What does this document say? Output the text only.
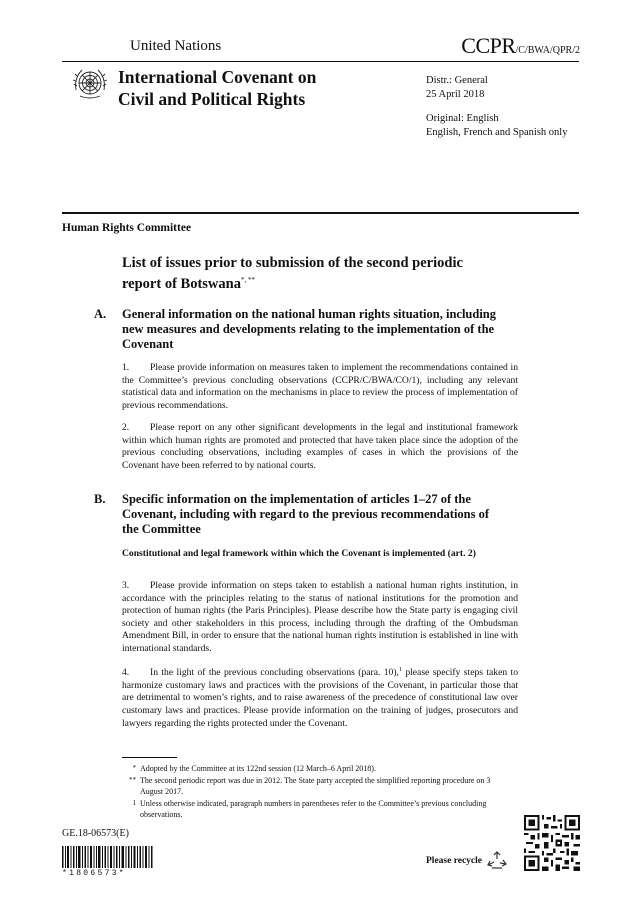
United Nations	CCPR/C/BWA/QPR/2
International Covenant on
Civil and Political Rights
Distr.: General
25 April 2018
Original: English
English, French and Spanish only
Human Rights Committee
List of issues prior to submission of the second periodic
report of Botswana*, **
A. General information on the national human rights situation, including new measures and developments relating to the implementation of the Covenant
1. Please provide information on measures taken to implement the recommendations contained in the Committee’s previous concluding observations (CCPR/C/BWA/CO/1), including any relevant statistical data and information on the mechanisms in place to review the process of implementation of previous recommendations.
2. Please report on any other significant developments in the legal and institutional framework within which human rights are promoted and protected that have taken place since the adoption of the previous concluding observations, including examples of cases in which the provisions of the Covenant have been referred to by national courts.
B. Specific information on the implementation of articles 1–27 of the Covenant, including with regard to the previous recommendations of the Committee
Constitutional and legal framework within which the Covenant is implemented (art. 2)
3. Please provide information on steps taken to establish a national human rights institution, in accordance with the principles relating to the status of national institutions for the promotion and protection of human rights (the Paris Principles). Please describe how the State party is engaging civil society and other stakeholders in this process, including through the drafting of the Ombudsman Amendment Bill, in order to ensure that the national human rights institution is established in line with international standards.
4. In the light of the previous concluding observations (para. 10),$^1$ please specify steps taken to harmonize customary laws and practices with the provisions of the Covenant, in particular those that are detrimental to women’s rights, and to raise awareness of the precedence of constitutional law over customary laws and practices. Please provide information on the training of judges, prosecutors and lawyers regarding the rights protected under the Covenant.
* Adopted by the Committee at its 122nd session (12 March–6 April 2018).
** The second periodic report was due in 2012. The State party accepted the simplified reporting procedure on 3 August 2017.
1 Unless otherwise indicated, paragraph numbers in parentheses refer to the Committee’s previous concluding observations.
GE.18-06573(E)
*1806573*
Please recycle
